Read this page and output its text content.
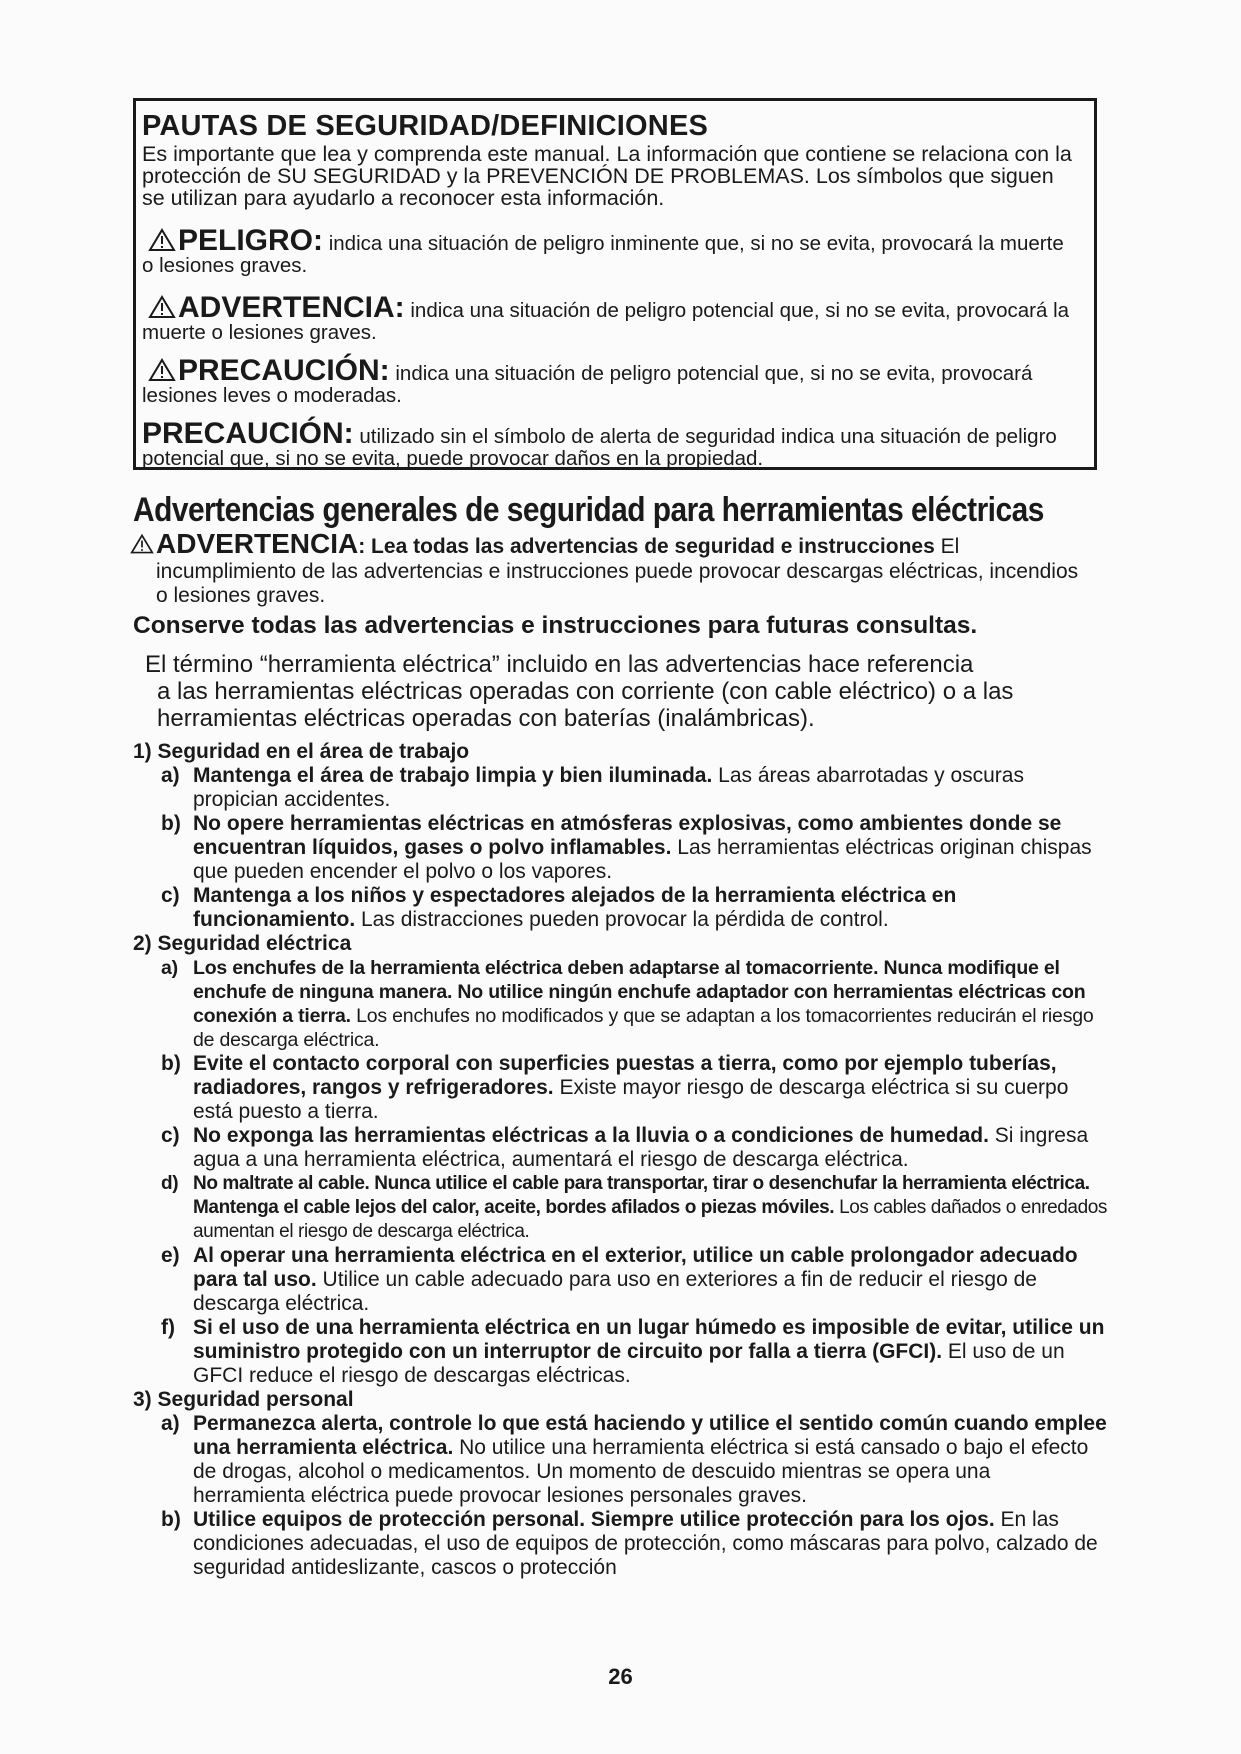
PAUTAS DE SEGURIDAD/DEFINICIONES
Es importante que lea y comprenda este manual. La información que contiene se relaciona con la protección de SU SEGURIDAD y la PREVENCIÓN DE PROBLEMAS. Los símbolos que siguen se utilizan para ayudarlo a reconocer esta información.
PELIGRO: indica una situación de peligro inminente que, si no se evita, provocará la muerte o lesiones graves.
ADVERTENCIA: indica una situación de peligro potencial que, si no se evita, provocará la muerte o lesiones graves.
PRECAUCIÓN: indica una situación de peligro potencial que, si no se evita, provocará lesiones leves o moderadas.
PRECAUCIÓN: utilizado sin el símbolo de alerta de seguridad indica una situación de peligro potencial que, si no se evita, puede provocar daños en la propiedad.
Advertencias generales de seguridad para herramientas eléctricas
ADVERTENCIA: Lea todas las advertencias de seguridad e instrucciones El
incumplimiento de las advertencias e instrucciones puede provocar descargas eléctricas, incendios o lesiones graves.
Conserve todas las advertencias e instrucciones para futuras consultas.
El término “herramienta eléctrica” incluido en las advertencias hace referencia
a las herramientas eléctricas operadas con corriente (con cable eléctrico) o a las herramientas eléctricas operadas con baterías (inalámbricas).
1) Seguridad en el área de trabajo
a) Mantenga el área de trabajo limpia y bien iluminada. Las áreas abarrotadas y oscuras propician accidentes.
b) No opere herramientas eléctricas en atmósferas explosivas, como ambientes donde se encuentran líquidos, gases o polvo inflamables. Las herramientas eléctricas originan chispas que pueden encender el polvo o los vapores.
c) Mantenga a los niños y espectadores alejados de la herramienta eléctrica en funcionamiento. Las distracciones pueden provocar la pérdida de control.
2) Seguridad eléctrica
a) Los enchufes de la herramienta eléctrica deben adaptarse al tomacorriente. Nunca modifique el enchufe de ninguna manera. No utilice ningún enchufe adaptador con herramientas eléctricas con conexión a tierra. Los enchufes no modificados y que se adaptan a los tomacorrientes reducirán el riesgo de descarga eléctrica.
b) Evite el contacto corporal con superficies puestas a tierra, como por ejemplo tuberías, radiadores, rangos y refrigeradores. Existe mayor riesgo de descarga eléctrica si su cuerpo está puesto a tierra.
c) No exponga las herramientas eléctricas a la lluvia o a condiciones de humedad. Si ingresa agua a una herramienta eléctrica, aumentará el riesgo de descarga eléctrica.
d) No maltrate al cable. Nunca utilice el cable para transportar, tirar o desenchufar la herramienta eléctrica. Mantenga el cable lejos del calor, aceite, bordes afilados o piezas móviles. Los cables dañados o enredados aumentan el riesgo de descarga eléctrica.
e) Al operar una herramienta eléctrica en el exterior, utilice un cable prolongador adecuado para tal uso. Utilice un cable adecuado para uso en exteriores a fin de reducir el riesgo de descarga eléctrica.
f) Si el uso de una herramienta eléctrica en un lugar húmedo es imposible de evitar, utilice un suministro protegido con un interruptor de circuito por falla a tierra (GFCI). El uso de un GFCI reduce el riesgo de descargas eléctricas.
3) Seguridad personal
a) Permanezca alerta, controle lo que está haciendo y utilice el sentido común cuando emplee una herramienta eléctrica. No utilice una herramienta eléctrica si está cansado o bajo el efecto de drogas, alcohol o medicamentos. Un momento de descuido mientras se opera una herramienta eléctrica puede provocar lesiones personales graves.
b) Utilice equipos de protección personal. Siempre utilice protección para los ojos. En las condiciones adecuadas, el uso de equipos de protección, como máscaras para polvo, calzado de seguridad antideslizante, cascos o protección
26
